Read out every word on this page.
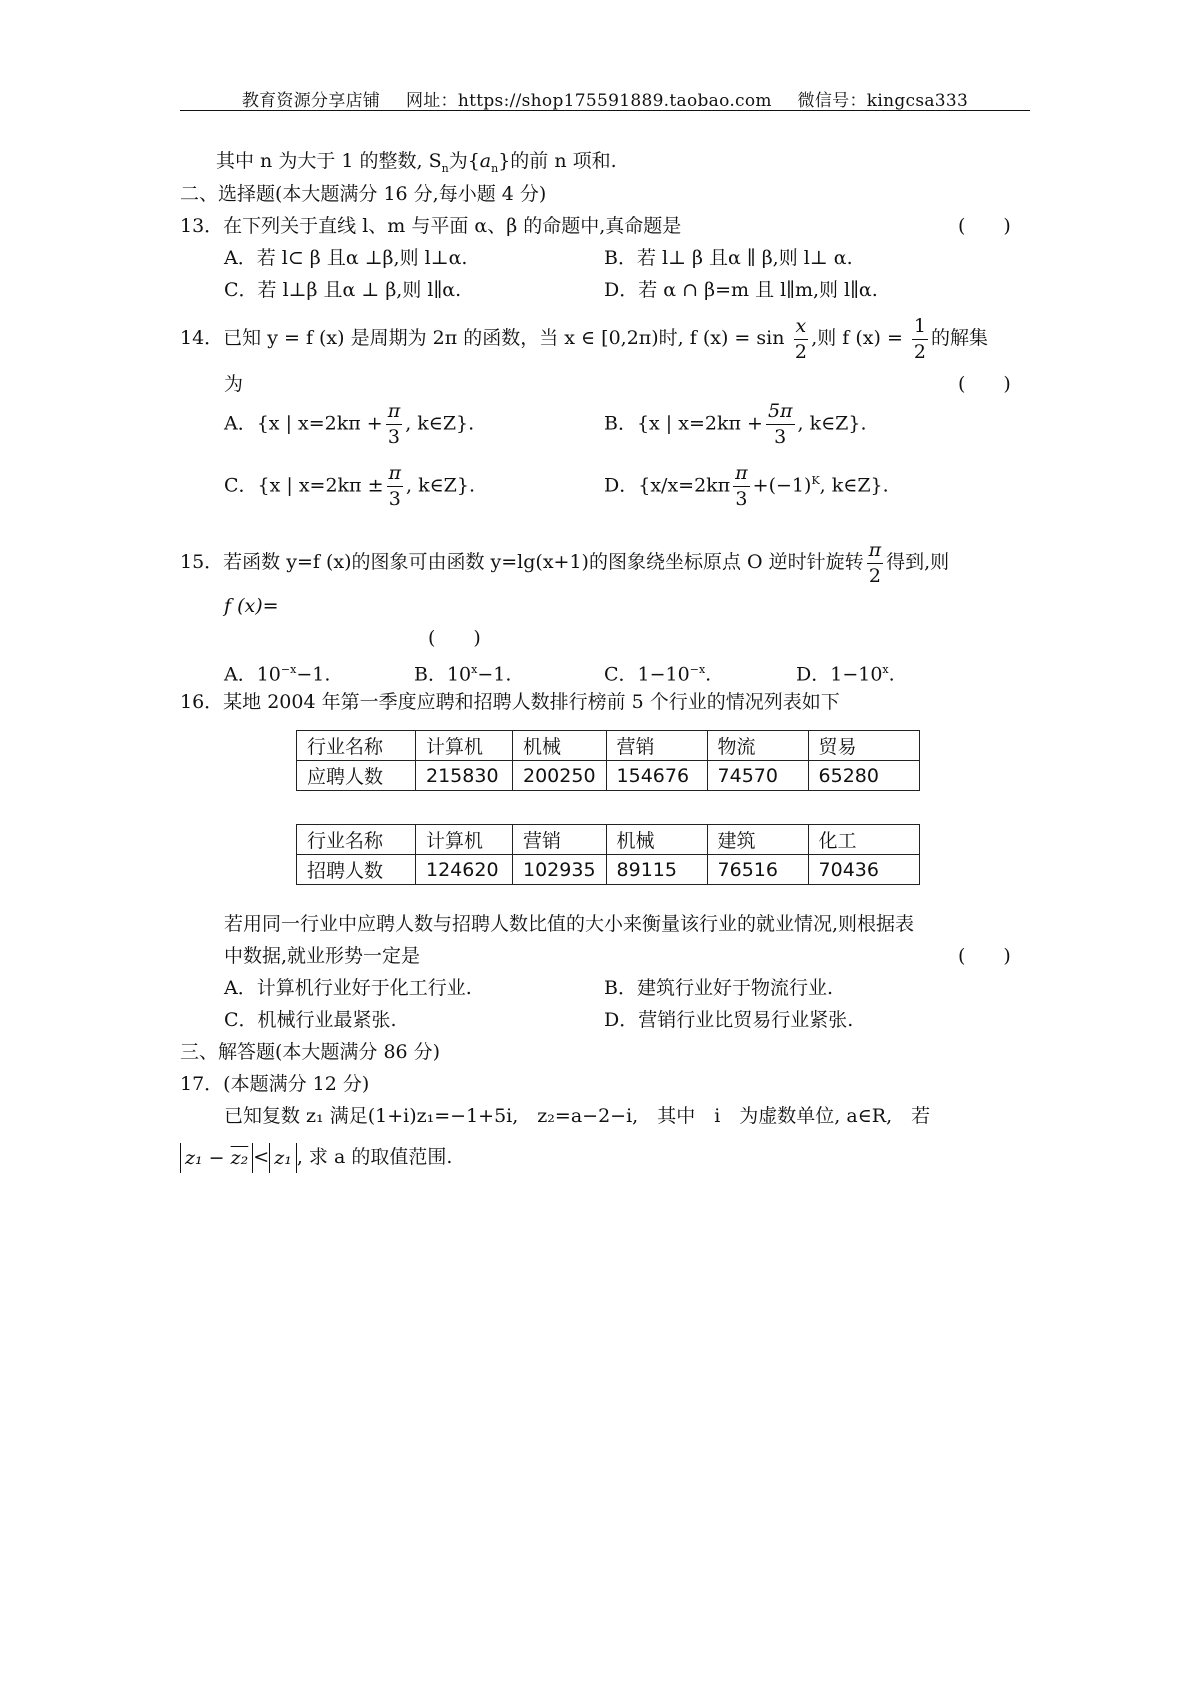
教育资源分享店铺 网址：https://shop175591889.taobao.com 微信号：kingcsa333
其中 n 为大于 1 的整数, $S_n$为$\{a_n\}$的前 n 项和.
二、选择题(本大题满分 16 分,每小题 4 分)
13．在下列关于直线 l、m 与平面 α、β 的命题中,真命题是	(　　)
A．若 l⊂ β 且α ⊥β,则 l⊥α.	B．若 l⊥ β 且α ∥ β,则 l⊥ α.
C．若 l⊥β 且α ⊥ β,则 l∥α.	D．若 α ∩ β=m 且 l∥m,则 l∥α.
14．已知 y = f (x) 是周期为 2π 的函数，当 x ∈ [0,2π)时, f $(x) = \sin \frac{x}{2}$ ,则 f $(x) = \frac{1}{2}$ 的解集
为	(　　)
A．{x | $x=2k\pi + \frac{\pi}{3}$ , k∈Z}.	B．{x | $x=2k\pi + \frac{5\pi}{3}$ , k∈Z}.
C．{x | $x=2k\pi \pm \frac{\pi}{3}$ , k∈Z}.	D．{$x/x=2k\pi \frac{\pi}{3} +(-1)^K$, k∈Z}.
15．若函数 y=f (x)的图象可由函数 y=lg(x+1)的图象绕坐标原点 O 逆时针旋转 $\frac{\pi}{2}$ 得到,则
f (x)=
(　　)
A．$10^{-x}-1$.	B．$10^x-1$.	C．$1-10^{-x}$.	D．$1-10^x$.
16．某地 2004 年第一季度应聘和招聘人数排行榜前 5 个行业的情况列表如下
行业名称	计算机	机械	营销	物流	贸易
应聘人数	215830	200250	154676	74570	65280
行业名称	计算机	营销	机械	建筑	化工
招聘人数	124620	102935	89115	76516	70436
若用同一行业中应聘人数与招聘人数比值的大小来衡量该行业的就业情况,则根据表
中数据,就业形势一定是	(　　)
A．计算机行业好于化工行业.	B．建筑行业好于物流行业.
C．机械行业最紧张.	D．营销行业比贸易行业紧张.
三、解答题(本大题满分 86 分)
17．(本题满分 12 分)
已知复数 z₁ 满足(1+i)z₁=−1+5i,　z₂=a−2−i,　其中　i　为虚数单位, a∈R,　若
z₁ − z₂ < z₁ , 求 a 的取值范围.
